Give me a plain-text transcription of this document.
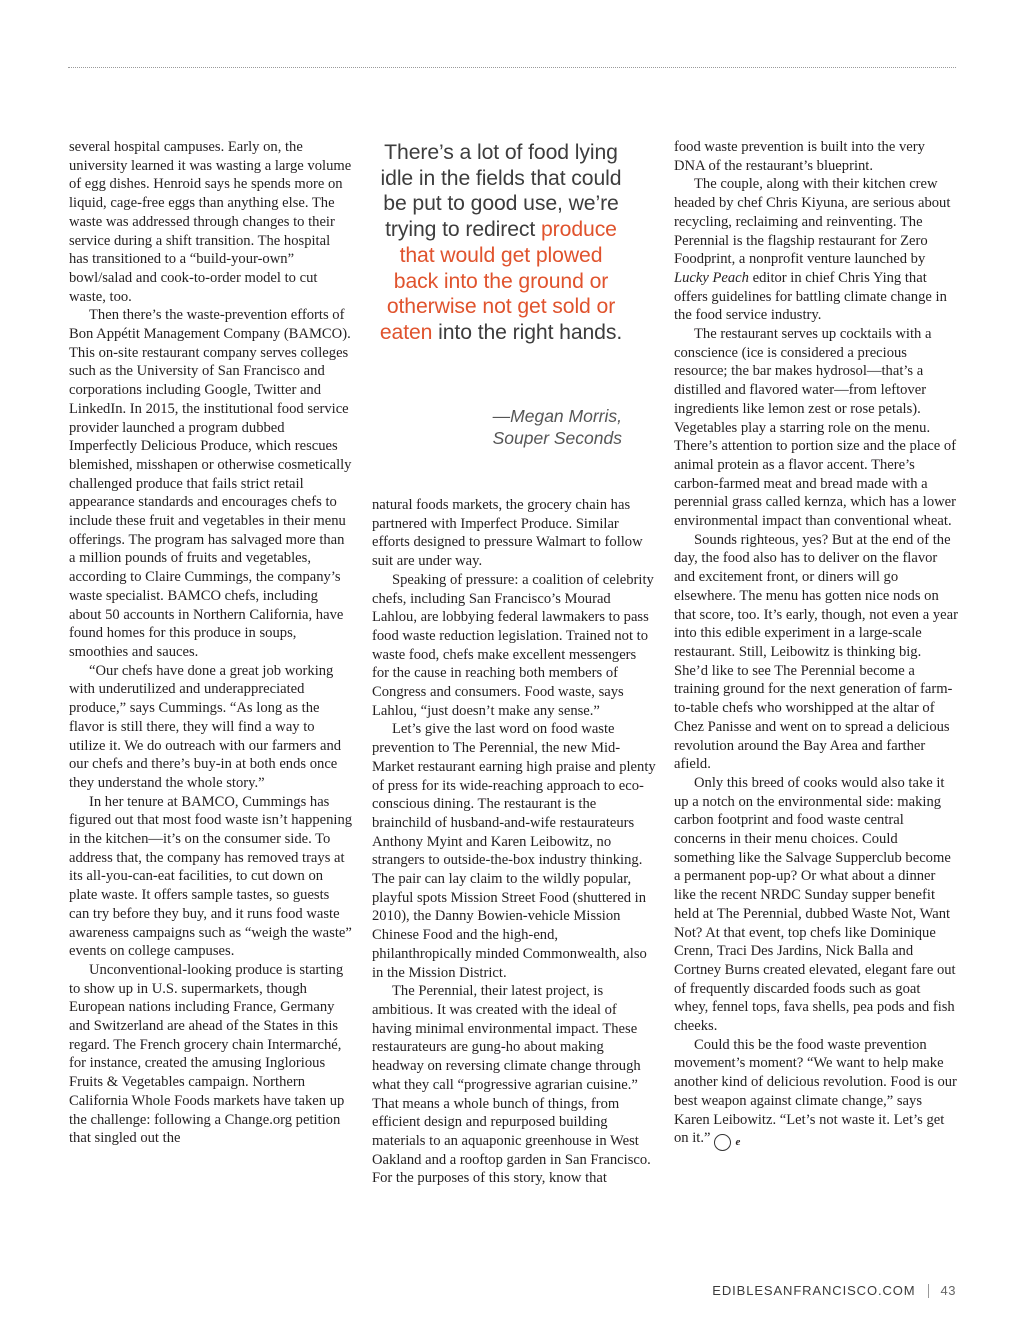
several hospital campuses. Early on, the university learned it was wasting a large volume of egg dishes. Henroid says he spends more on liquid, cage-free eggs than anything else. The waste was addressed through changes to their service during a shift transition. The hospital has transitioned to a “build-your-own” bowl/salad and cook-to-order model to cut waste, too.

Then there’s the waste-prevention efforts of Bon Appétit Management Company (BAMCO). This on-site restaurant company serves colleges such as the University of San Francisco and corporations including Google, Twitter and LinkedIn. In 2015, the institutional food service provider launched a program dubbed Imperfectly Delicious Produce, which rescues blemished, misshapen or otherwise cosmetically challenged produce that fails strict retail appearance standards and encourages chefs to include these fruit and vegetables in their menu offerings. The program has salvaged more than a million pounds of fruits and vegetables, according to Claire Cummings, the company’s waste specialist. BAMCO chefs, including about 50 accounts in Northern California, have found homes for this produce in soups, smoothies and sauces.

“Our chefs have done a great job working with underutilized and underappreciated produce,” says Cummings. “As long as the flavor is still there, they will find a way to utilize it. We do outreach with our farmers and our chefs and there’s buy-in at both ends once they understand the whole story.”

In her tenure at BAMCO, Cummings has figured out that most food waste isn’t happening in the kitchen—it’s on the consumer side. To address that, the company has removed trays at its all-you-can-eat facilities, to cut down on plate waste. It offers sample tastes, so guests can try before they buy, and it runs food waste awareness campaigns such as “weigh the waste” events on college campuses.

Unconventional-looking produce is starting to show up in U.S. supermarkets, though European nations including France, Germany and Switzerland are ahead of the States in this regard. The French grocery chain Intermarché, for instance, created the amusing Inglorious Fruits & Vegetables campaign. Northern California Whole Foods markets have taken up the challenge: following a Change.org petition that singled out the

There’s a lot of food lying idle in the fields that could be put to good use, we’re trying to redirect produce that would get plowed back into the ground or otherwise not get sold or eaten into the right hands.
—Megan Morris,
Souper Seconds

natural foods markets, the grocery chain has partnered with Imperfect Produce. Similar efforts designed to pressure Walmart to follow suit are under way.

Speaking of pressure: a coalition of celebrity chefs, including San Francisco’s Mourad Lahlou, are lobbying federal lawmakers to pass food waste reduction legislation. Trained not to waste food, chefs make excellent messengers for the cause in reaching both members of Congress and consumers. Food waste, says Lahlou, “just doesn’t make any sense.”

Let’s give the last word on food waste prevention to The Perennial, the new Mid-Market restaurant earning high praise and plenty of press for its wide-reaching approach to eco-conscious dining. The restaurant is the brainchild of husband-and-wife restaurateurs Anthony Myint and Karen Leibowitz, no strangers to outside-the-box industry thinking. The pair can lay claim to the wildly popular, playful spots Mission Street Food (shuttered in 2010), the Danny Bowien-vehicle Mission Chinese Food and the high-end, philanthropically minded Commonwealth, also in the Mission District.

The Perennial, their latest project, is ambitious. It was created with the ideal of having minimal environmental impact. These restaurateurs are gung-ho about making headway on reversing climate change through what they call “progressive agrarian cuisine.” That means a whole bunch of things, from efficient design and repurposed building materials to an aquaponic greenhouse in West Oakland and a rooftop garden in San Francisco. For the purposes of this story, know that

food waste prevention is built into the very DNA of the restaurant’s blueprint.

The couple, along with their kitchen crew headed by chef Chris Kiyuna, are serious about recycling, reclaiming and reinventing. The Perennial is the flagship restaurant for Zero Foodprint, a nonprofit venture launched by Lucky Peach editor in chief Chris Ying that offers guidelines for battling climate change in the food service industry.

The restaurant serves up cocktails with a conscience (ice is considered a precious resource; the bar makes hydrosol—that’s a distilled and flavored water—from leftover ingredients like lemon zest or rose petals). Vegetables play a starring role on the menu. There’s attention to portion size and the place of animal protein as a flavor accent. There’s carbon-farmed meat and bread made with a perennial grass called kernza, which has a lower environmental impact than conventional wheat.

Sounds righteous, yes? But at the end of the day, the food also has to deliver on the flavor and excitement front, or diners will go elsewhere. The menu has gotten nice nods on that score, too. It’s early, though, not even a year into this edible experiment in a large-scale restaurant. Still, Leibowitz is thinking big. She’d like to see The Perennial become a training ground for the next generation of farm-to-table chefs who worshipped at the altar of Chez Panisse and went on to spread a delicious revolution around the Bay Area and farther afield.

Only this breed of cooks would also take it up a notch on the environmental side: making carbon footprint and food waste central concerns in their menu choices. Could something like the Salvage Supperclub become a permanent pop-up? Or what about a dinner like the recent NRDC Sunday supper benefit held at The Perennial, dubbed Waste Not, Want Not? At that event, top chefs like Dominique Crenn, Traci Des Jardins, Nick Balla and Cortney Burns created elevated, elegant fare out of frequently discarded foods such as goat whey, fennel tops, fava shells, pea pods and fish cheeks.

Could this be the food waste prevention movement’s moment? “We want to help make another kind of delicious revolution. Food is our best weapon against climate change,” says Karen Leibowitz. “Let’s not waste it. Let’s get on it.” e

EDIBLESANFRANCISCO.COM 43
